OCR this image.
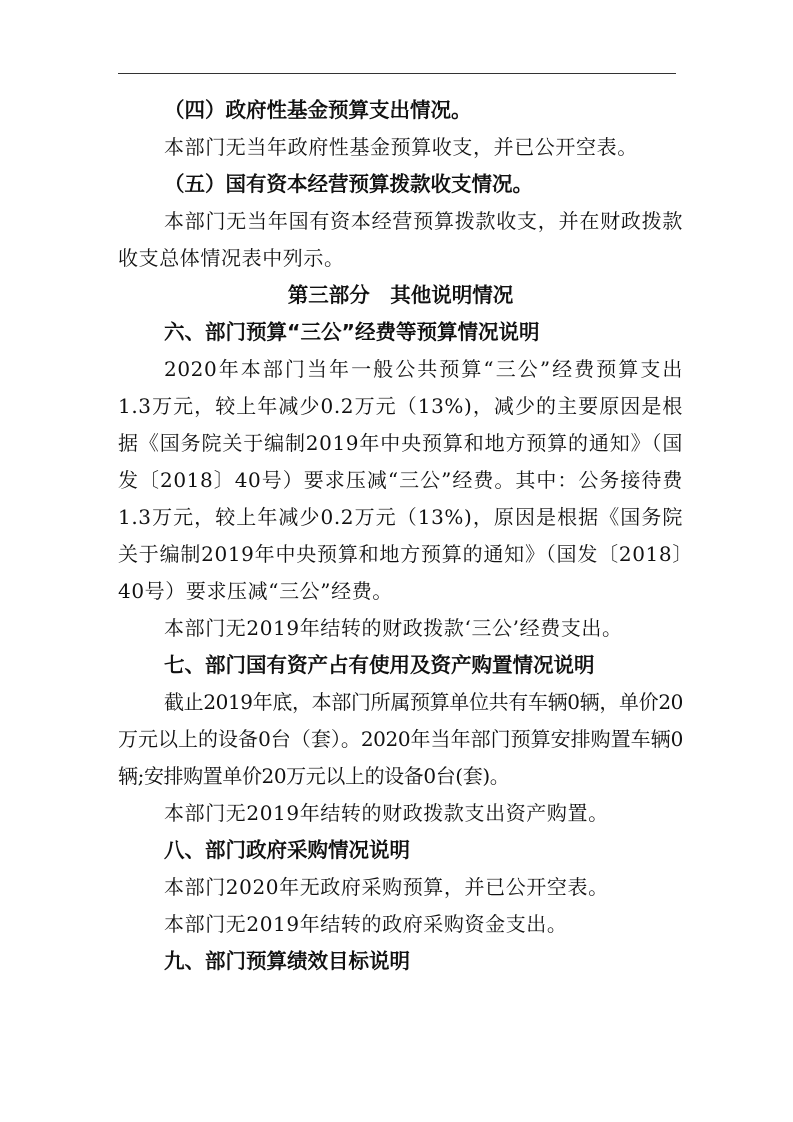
（四）政府性基金预算支出情况。

本部门无当年政府性基金预算收支，并已公开空表。

（五）国有资本经营预算拨款收支情况。

本部门无当年国有资本经营预算拨款收支，并在财政拨款收支总体情况表中列示。

第三部分　其他说明情况
六、部门预算“三公”经费等预算情况说明

2020年本部门当年一般公共预算“三公”经费预算支出1.3万元，较上年减少0.2万元（13%)，减少的主要原因是根据《国务院关于编制2019年中央预算和地方预算的通知》（国发〔2018〕40号）要求压减“三公”经费。其中：公务接待费1.3万元，较上年减少0.2万元（13%)，原因是根据《国务院关于编制2019年中央预算和地方预算的通知》（国发〔2018〕40号）要求压减“三公”经费。

本部门无2019年结转的财政拨款‘三公’经费支出。

七、部门国有资产占有使用及资产购置情况说明

截止2019年底，本部门所属预算单位共有车辆0辆，单价20万元以上的设备0台（套）。2020年当年部门预算安排购置车辆0辆;安排购置单价20万元以上的设备0台(套)。

本部门无2019年结转的财政拨款支出资产购置。

八、部门政府采购情况说明

本部门2020年无政府采购预算，并已公开空表。

本部门无2019年结转的政府采购资金支出。

九、部门预算绩效目标说明
